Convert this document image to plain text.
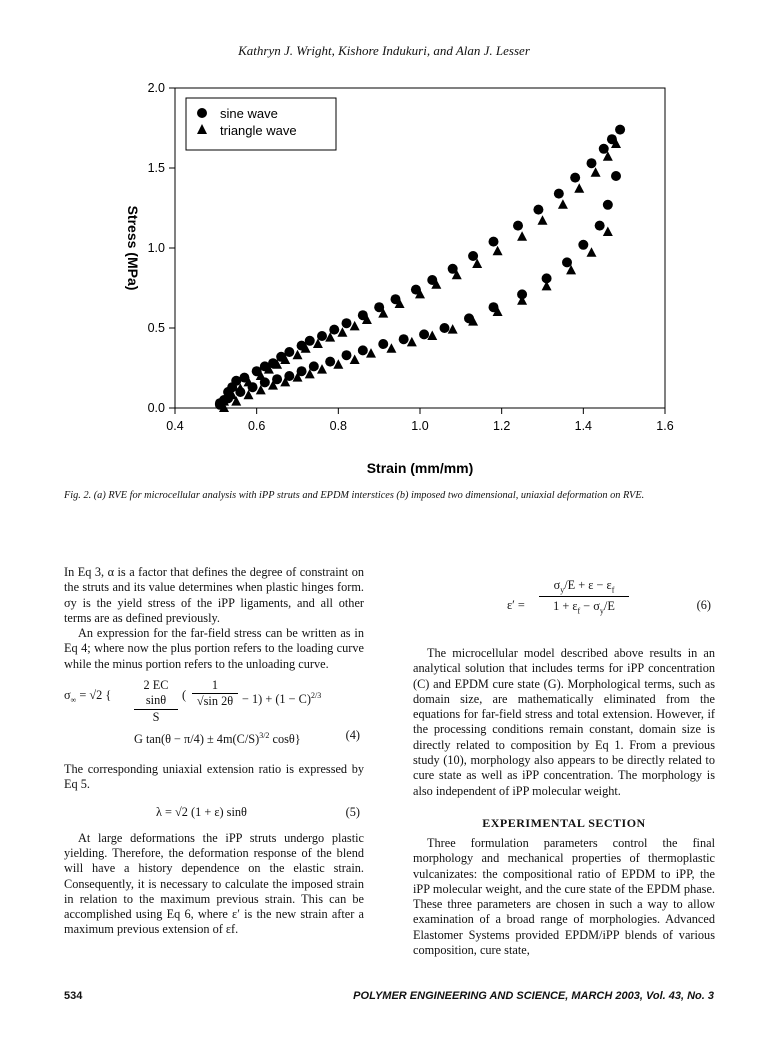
Kathryn J. Wright, Kishore Indukuri, and Alan J. Lesser
0.4	0.6	0.8	1.0	1.2	1.4	1.6
0.0
0.5
1.0
1.5
2.0
Strain (mm/mm)
Stress (MPa)
sine wave
triangle wave
Fig. 2. (a) RVE for microcellular analysis with iPP struts and EPDM interstices (b) imposed two dimensional, uniaxial deformation on RVE.

In Eq 3, α is a factor that defines the degree of constraint on the struts and its value determines when plastic hinges form. σy is the yield stress of the iPP ligaments, and all other terms are as defined previously.

An expression for the far-field stress can be written as in Eq 4; where now the plus portion refers to the loading curve while the minus portion refers to the unloading curve.

$\sigma_\infty = √2$ {
2 EC sinθ
S
(
1
√sin $2\theta - 1) + (1 - C)^{2/3}$
G $\tan(\theta - \pi/4) \pm 4m(C/S)^{3/2}$ cosθ}	(4)

The corresponding uniaxial extension ratio is expressed by Eq 5.

λ = √2 (1 + ε) sinθ	(5)

At large deformations the iPP struts undergo plastic yielding. Therefore, the deformation response of the blend will have a history dependence on the elastic strain. Consequently, it is necessary to calculate the imposed strain in relation to the maximum previous strain. This can be accomplished using Eq 6, where ε′ is the new strain after a maximum previous extension of εf.

ε′ =
$\sigma_y/E + \varepsilon - \varepsilon_f$
$1 + \varepsilon_f - \sigma_y/E$	(6)

The microcellular model described above results in an analytical solution that includes terms for iPP concentration (C) and EPDM cure state (G). Morphological terms, such as domain size, are mathematically eliminated from the equations for far-field stress and total extension. However, if the processing conditions remain constant, domain size is directly related to composition by Eq 1. From a previous study (10), morphology also appears to be directly related to cure state as well as iPP concentration. The morphology is also independent of iPP molecular weight.

EXPERIMENTAL SECTION

Three formulation parameters control the final morphology and mechanical properties of thermoplastic vulcanizates: the compositional ratio of EPDM to iPP, the iPP molecular weight, and the cure state of the EPDM phase. These three parameters are chosen in such a way to allow examination of a broad range of morphologies. Advanced Elastomer Systems provided EPDM/iPP blends of various composition, cure state,

534	POLYMER ENGINEERING AND SCIENCE, MARCH 2003, Vol. 43, No. 3
